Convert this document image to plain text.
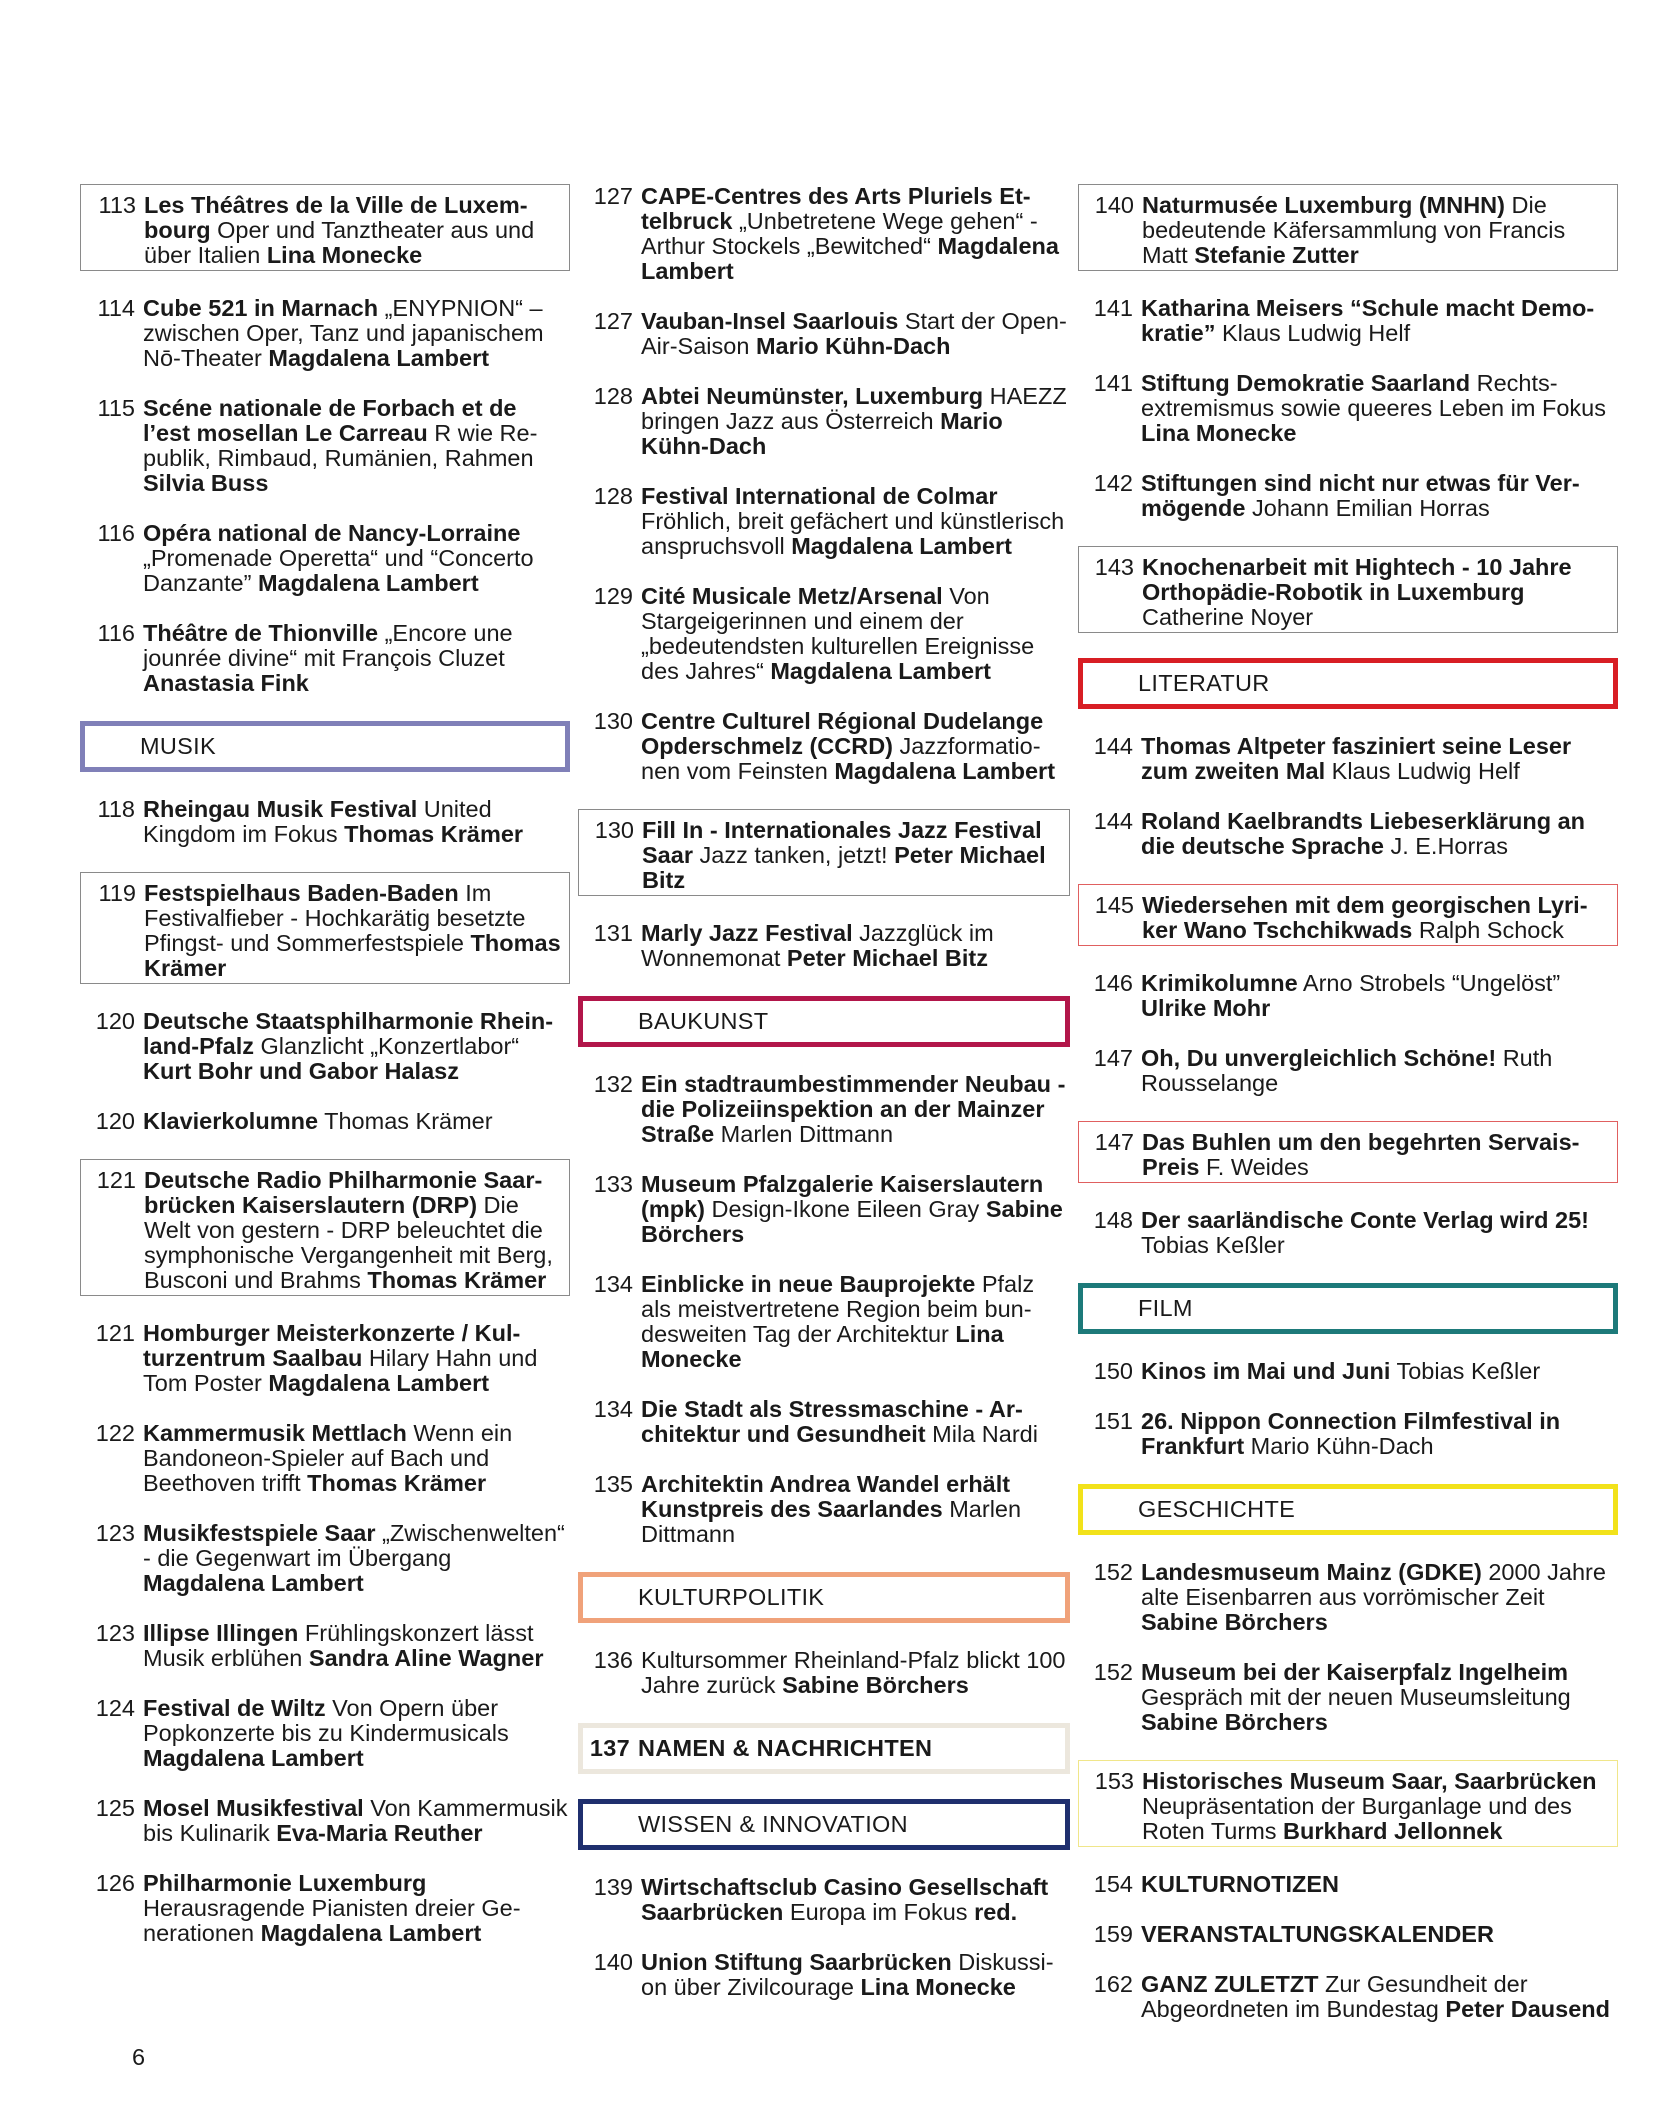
113 Les Théâtres de la Ville de Luxembourg Oper und Tanztheater aus und über Italien Lina Monecke
114 Cube 521 in Marnach „ENYPNION“ – zwischen Oper, Tanz und japanischem Nō-Theater Magdalena Lambert
115 Scéne nationale de Forbach et de l’est mosellan Le Carreau R wie Republik, Rimbaud, Rumänien, Rahmen Silvia Buss
116 Opéra national de Nancy-Lorraine „Promenade Operetta“ und “Concerto Danzante” Magdalena Lambert
116 Théâtre de Thionville „Encore une jounrée divine“ mit François Cluzet Anastasia Fink
MUSIK
118 Rheingau Musik Festival United Kingdom im Fokus Thomas Krämer
119 Festspielhaus Baden-Baden Im Festivalfieber - Hochkarätig besetzte Pfingst- und Sommerfestspiele Thomas Krämer
120 Deutsche Staatsphilharmonie Rheinland-Pfalz Glanzlicht „Konzertlabor“ Kurt Bohr und Gabor Halasz
120 Klavierkolumne Thomas Krämer
121 Deutsche Radio Philharmonie Saarbrücken Kaiserslautern (DRP) Die Welt von gestern - DRP beleuchtet die symphonische Vergangenheit mit Berg, Busconi und Brahms Thomas Krämer
121 Homburger Meisterkonzerte / Kulturzentrum Saalbau Hilary Hahn und Tom Poster Magdalena Lambert
122 Kammermusik Mettlach Wenn ein Bandoneon-Spieler auf Bach und Beethoven trifft Thomas Krämer
123 Musikfestspiele Saar „Zwischenwelten“ - die Gegenwart im Übergang Magdalena Lambert
123 Illipse Illingen Frühlingskonzert lässt Musik erblühen Sandra Aline Wagner
124 Festival de Wiltz Von Opern über Popkonzerte bis zu Kindermusicals Magdalena Lambert
125 Mosel Musikfestival Von Kammermusik bis Kulinarik Eva-Maria Reuther
126 Philharmonie Luxemburg Herausragende Pianisten dreier Generationen Magdalena Lambert
127 CAPE-Centres des Arts Pluriels Ettelbruck „Unbetretene Wege gehen“ - Arthur Stockels „Bewitched“ Magdalena Lambert
127 Vauban-Insel Saarlouis Start der Open-Air-Saison Mario Kühn-Dach
128 Abtei Neumünster, Luxemburg HAEZZ bringen Jazz aus Österreich Mario Kühn-Dach
128 Festival International de Colmar Fröhlich, breit gefächert und künstlerisch anspruchsvoll Magdalena Lambert
129 Cité Musicale Metz/Arsenal Von Stargeigerinnen und einem der „bedeutendsten kulturellen Ereignisse des Jahres“ Magdalena Lambert
130 Centre Culturel Régional Dudelange Opderschmelz (CCRD) Jazzformationen vom Feinsten Magdalena Lambert
130 Fill In - Internationales Jazz Festival Saar Jazz tanken, jetzt! Peter Michael Bitz
131 Marly Jazz Festival Jazzglück im Wonnemonat Peter Michael Bitz
BAUKUNST
132 Ein stadtraumbestimmender Neubau - die Polizeiinspektion an der Mainzer Straße Marlen Dittmann
133 Museum Pfalzgalerie Kaiserslautern (mpk) Design-Ikone Eileen Gray Sabine Börchers
134 Einblicke in neue Bauprojekte Pfalz als meistvertretene Region beim bundesweiten Tag der Architektur Lina Monecke
134 Die Stadt als Stressmaschine - Architektur und Gesundheit Mila Nardi
135 Architektin Andrea Wandel erhält Kunstpreis des Saarlandes Marlen Dittmann
KULTURPOLITIK
136 Kultursommer Rheinland-Pfalz blickt 100 Jahre zurück Sabine Börchers
137 NAMEN & NACHRICHTEN
WISSEN & INNOVATION
139 Wirtschaftsclub Casino Gesellschaft Saarbrücken Europa im Fokus red.
140 Union Stiftung Saarbrücken Diskussion über Zivilcourage Lina Monecke
140 Naturmusée Luxemburg (MNHN) Die bedeutende Käfersammlung von Francis Matt Stefanie Zutter
141 Katharina Meisers “Schule macht Demokratie” Klaus Ludwig Helf
141 Stiftung Demokratie Saarland Rechtsextremismus sowie queeres Leben im Fokus Lina Monecke
142 Stiftungen sind nicht nur etwas für Vermögende Johann Emilian Horras
143 Knochenarbeit mit Hightech - 10 Jahre Orthopädie-Robotik in Luxemburg Catherine Noyer
LITERATUR
144 Thomas Altpeter fasziniert seine Leser zum zweiten Mal Klaus Ludwig Helf
144 Roland Kaelbrandts Liebeserklärung an die deutsche Sprache J. E.Horras
145 Wiedersehen mit dem georgischen Lyriker Wano Tschchikwads Ralph Schock
146 Krimikolumne Arno Strobels “Ungelöst” Ulrike Mohr
147 Oh, Du unvergleichlich Schöne! Ruth Rousselange
147 Das Buhlen um den begehrten Servais-Preis F. Weides
148 Der saarländische Conte Verlag wird 25! Tobias Keßler
FILM
150 Kinos im Mai und Juni Tobias Keßler
151 26. Nippon Connection Filmfestival in Frankfurt Mario Kühn-Dach
GESCHICHTE
152 Landesmuseum Mainz (GDKE) 2000 Jahre alte Eisenbarren aus vorrömischer Zeit Sabine Börchers
152 Museum bei der Kaiserpfalz Ingelheim Gespräch mit der neuen Museumsleitung Sabine Börchers
153 Historisches Museum Saar, Saarbrücken Neupräsentation der Burganlage und des Roten Turms Burkhard Jellonnek
154 KULTURNOTIZEN
159 VERANSTALTUNGSKALENDER
162 GANZ ZULETZT Zur Gesundheit der Abgeordneten im Bundestag Peter Dausend
6
